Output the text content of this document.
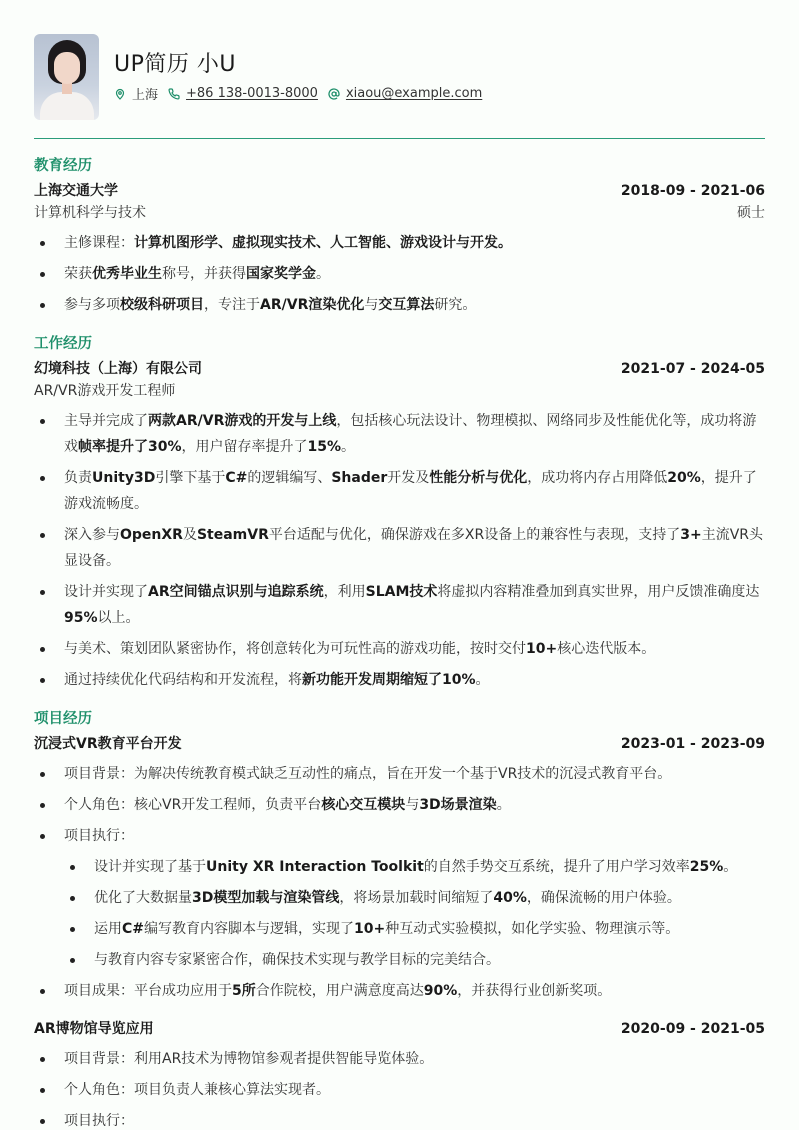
UP简历 小U
上海 +86 138-0013-8000 xiaou@example.com
教育经历
上海交通大学	2018-09 - 2021-06
计算机科学与技术	硕士
主修课程：计算机图形学、虚拟现实技术、人工智能、游戏设计与开发。
荣获优秀毕业生称号，并获得国家奖学金。
参与多项校级科研项目，专注于AR/VR渲染优化与交互算法研究。
工作经历
幻境科技（上海）有限公司	2021-07 - 2024-05
AR/VR游戏开发工程师
主导并完成了两款AR/VR游戏的开发与上线，包括核心玩法设计、物理模拟、网络同步及性能优化等，成功将游戏帧率提升了30%，用户留存率提升了15%。
负责Unity3D引擎下基于C#的逻辑编写、Shader开发及性能分析与优化，成功将内存占用降低20%，提升了游戏流畅度。
深入参与OpenXR及SteamVR平台适配与优化，确保游戏在多XR设备上的兼容性与表现，支持了3+主流VR头显设备。
设计并实现了AR空间锚点识别与追踪系统，利用SLAM技术将虚拟内容精准叠加到真实世界，用户反馈准确度达95%以上。
与美术、策划团队紧密协作，将创意转化为可玩性高的游戏功能，按时交付10+核心迭代版本。
通过持续优化代码结构和开发流程，将新功能开发周期缩短了10%。
项目经历
沉浸式VR教育平台开发	2023-01 - 2023-09
项目背景：为解决传统教育模式缺乏互动性的痛点，旨在开发一个基于VR技术的沉浸式教育平台。
个人角色：核心VR开发工程师，负责平台核心交互模块与3D场景渲染。
项目执行：
设计并实现了基于Unity XR Interaction Toolkit的自然手势交互系统，提升了用户学习效率25%。
优化了大数据量3D模型加载与渲染管线，将场景加载时间缩短了40%，确保流畅的用户体验。
运用C#编写教育内容脚本与逻辑，实现了10+种互动式实验模拟，如化学实验、物理演示等。
与教育内容专家紧密合作，确保技术实现与教学目标的完美结合。
项目成果：平台成功应用于5所合作院校，用户满意度高达90%，并获得行业创新奖项。
AR博物馆导览应用	2020-09 - 2021-05
项目背景：利用AR技术为博物馆参观者提供智能导览体验。
个人角色：项目负责人兼核心算法实现者。
项目执行：
